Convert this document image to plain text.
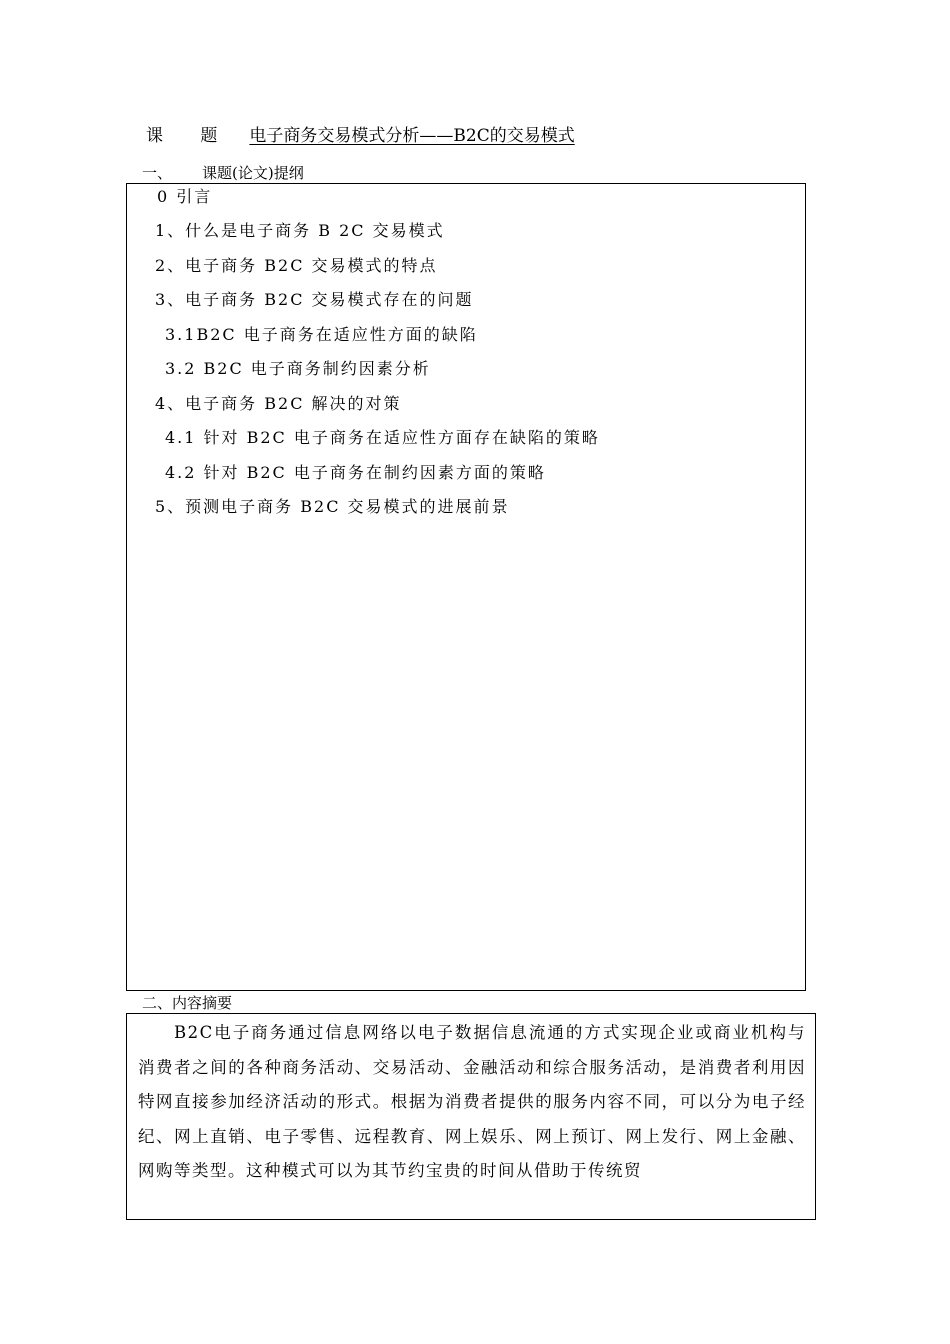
课 题 电子商务交易模式分析——B2C的交易模式
一、 课题(论文)提纲
0 引言
1、什么是电子商务 B 2C 交易模式
2、电子商务 B2C 交易模式的特点
3、电子商务 B2C 交易模式存在的问题
3.1B2C 电子商务在适应性方面的缺陷
3.2 B2C 电子商务制约因素分析
4、电子商务 B2C 解决的对策
4.1 针对 B2C 电子商务在适应性方面存在缺陷的策略
4.2 针对 B2C 电子商务在制约因素方面的策略
5、预测电子商务 B2C 交易模式的进展前景
二、内容摘要

B2C电子商务通过信息网络以电子数据信息流通的方式实现企业或商业机构与消费者之间的各种商务活动、交易活动、金融活动和综合服务活动，是消费者利用因特网直接参加经济活动的形式。根据为消费者提供的服务内容不同，可以分为电子经纪、网上直销、电子零售、远程教育、网上娱乐、网上预订、网上发行、网上金融、网购等类型。这种模式可以为其节约宝贵的时间从借助于传统贸
